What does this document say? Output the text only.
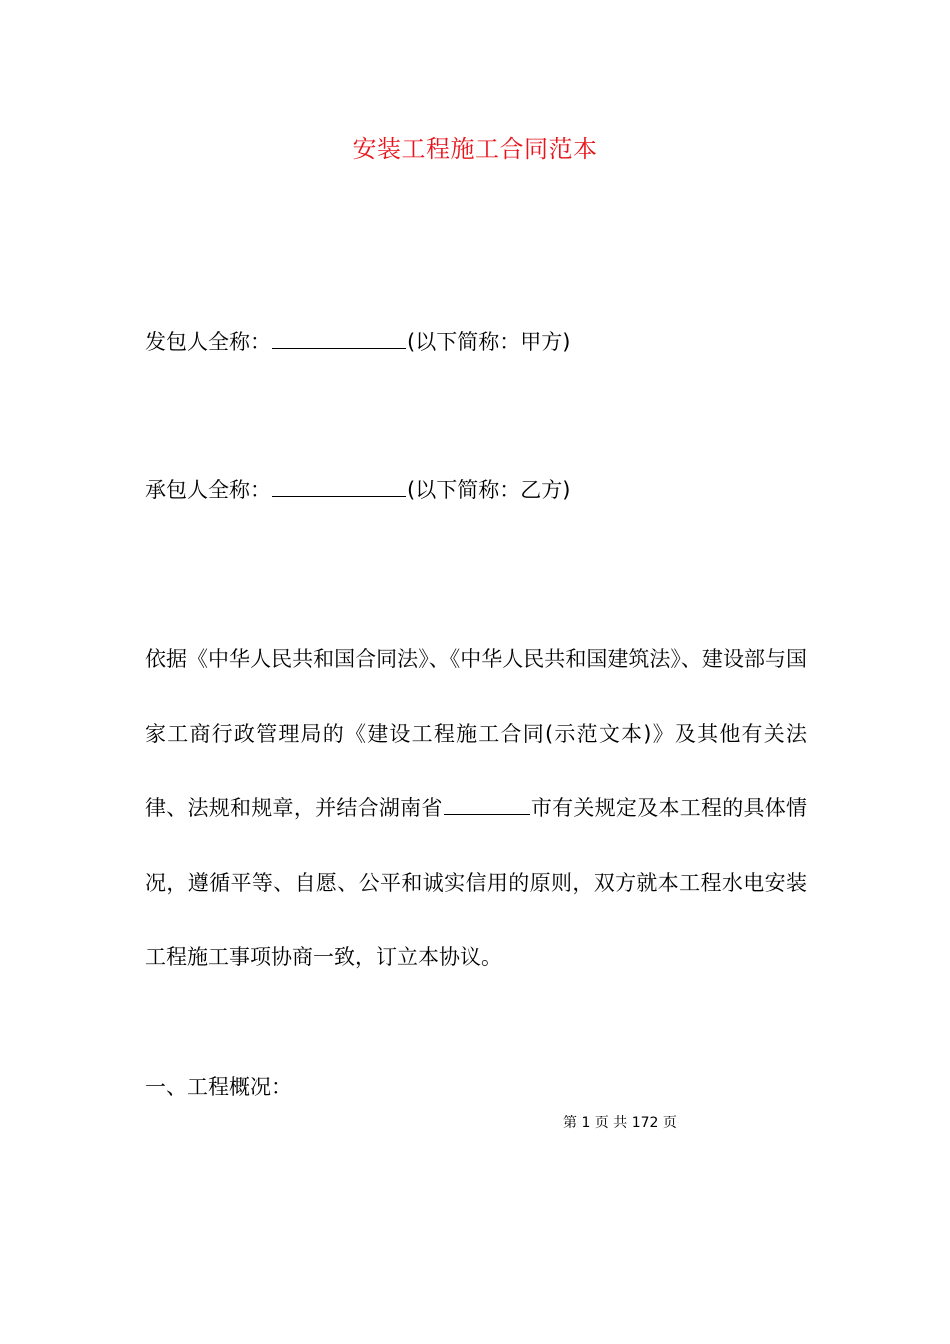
安装工程施工合同范本
发包人全称：	(以下简称：甲方)
承包人全称：	(以下简称：乙方)
依据《中华人民共和国合同法》、《中华人民共和国建筑法》、建设部与国家工商行政管理局的《建设工程施工合同(示范文本)》及其他有关法律、法规和规章，并结合湖南省	市有关规定及本工程的具体情况，遵循平等、自愿、公平和诚实信用的原则，双方就本工程水电安装工程施工事项协商一致，订立本协议。
一、工程概况：
第 1 页 共 172 页
